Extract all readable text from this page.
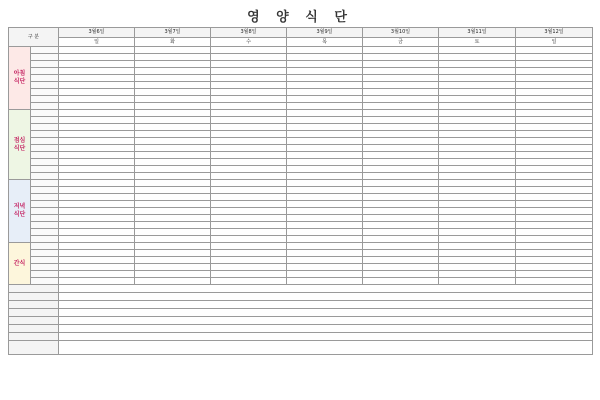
영 양 식 단
구 분		3월6일	3월7일	3월8일	3월9일	3월10일	3월11일	3월12일
		일	화	수	목	금	토	일
아침 식단								

점심 식단								

저녁 식단								

간식								
